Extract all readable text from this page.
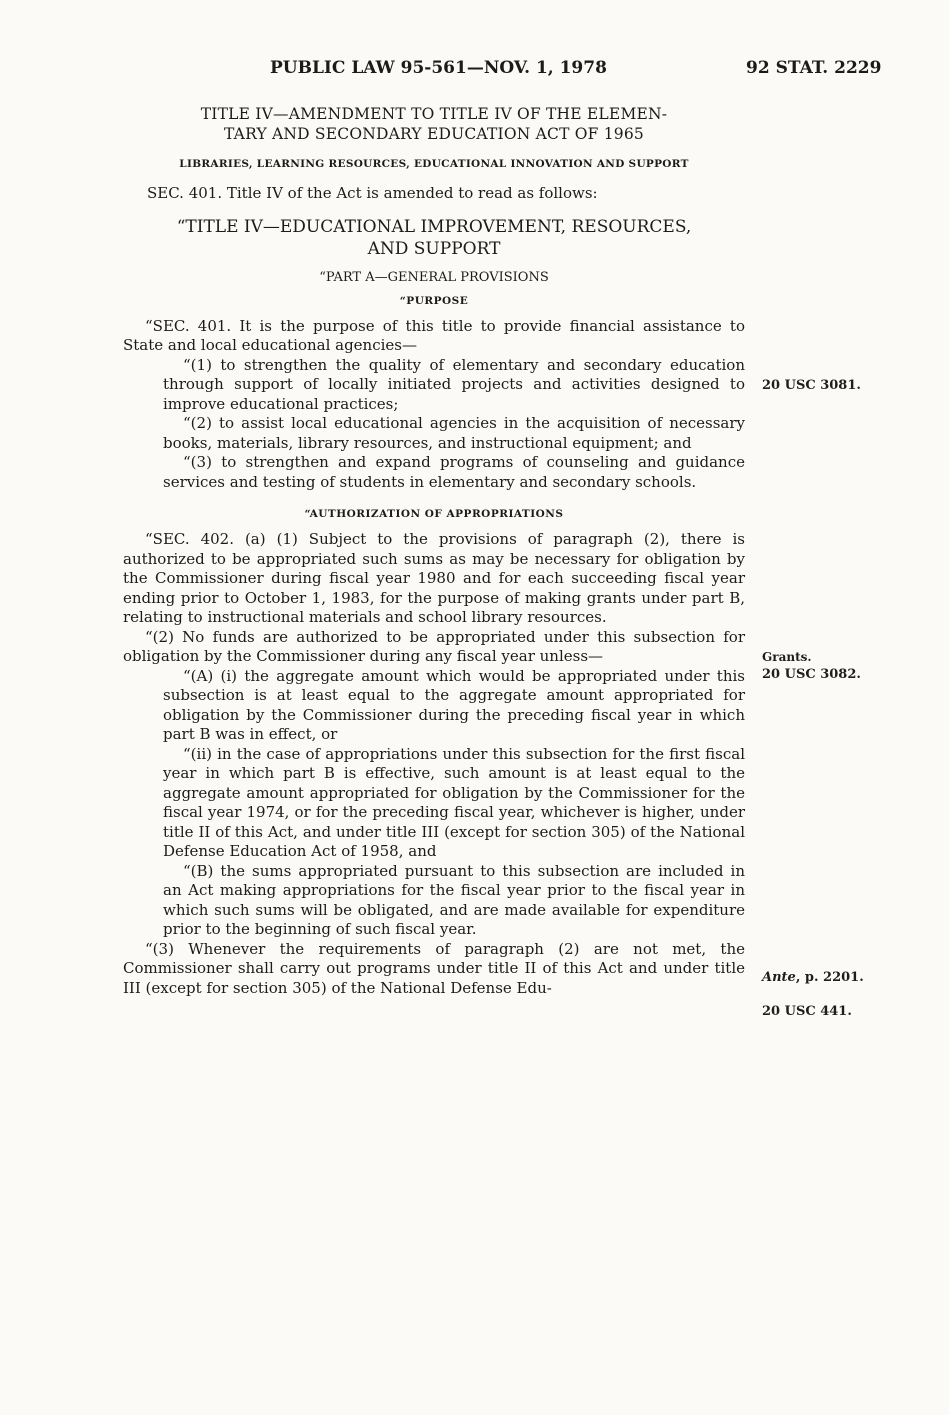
PUBLIC LAW 95-561—NOV. 1, 1978	92 STAT. 2229
TITLE IV—AMENDMENT TO TITLE IV OF THE ELEMEN-
TARY AND SECONDARY EDUCATION ACT OF 1965
LIBRARIES, LEARNING RESOURCES, EDUCATIONAL INNOVATION AND SUPPORT
SEC. 401. Title IV of the Act is amended to read as follows:
“TITLE IV—EDUCATIONAL IMPROVEMENT, RESOURCES,
AND SUPPORT
“PART A—GENERAL PROVISIONS
“PURPOSE
“SEC. 401. It is the purpose of this title to provide financial assistance to State and local educational agencies—
“(1) to strengthen the quality of elementary and secondary education through support of locally initiated projects and activities designed to improve educational practices;
“(2) to assist local educational agencies in the acquisition of necessary books, materials, library resources, and instructional equipment; and
“(3) to strengthen and expand programs of counseling and guidance services and testing of students in elementary and secondary schools.
“AUTHORIZATION OF APPROPRIATIONS
“SEC. 402. (a) (1) Subject to the provisions of paragraph (2), there is authorized to be appropriated such sums as may be necessary for obligation by the Commissioner during fiscal year 1980 and for each succeeding fiscal year ending prior to October 1, 1983, for the purpose of making grants under part B, relating to instructional materials and school library resources.
“(2) No funds are authorized to be appropriated under this subsection for obligation by the Commissioner during any fiscal year unless—
“(A) (i) the aggregate amount which would be appropriated under this subsection is at least equal to the aggregate amount appropriated for obligation by the Commissioner during the preceding fiscal year in which part B was in effect, or
“(ii) in the case of appropriations under this subsection for the first fiscal year in which part B is effective, such amount is at least equal to the aggregate amount appropriated for obligation by the Commissioner for the fiscal year 1974, or for the preceding fiscal year, whichever is higher, under title II of this Act, and under title III (except for section 305) of the National Defense Education Act of 1958, and
“(B) the sums appropriated pursuant to this subsection are included in an Act making appropriations for the fiscal year prior to the fiscal year in which such sums will be obligated, and are made available for expenditure prior to the beginning of such fiscal year.
“(3) Whenever the requirements of paragraph (2) are not met, the Commissioner shall carry out programs under title II of this Act and under title III (except for section 305) of the National Defense Edu-
20 USC 3081.
Grants.
20 USC 3082.
Ante, p. 2201.
20 USC 441.
